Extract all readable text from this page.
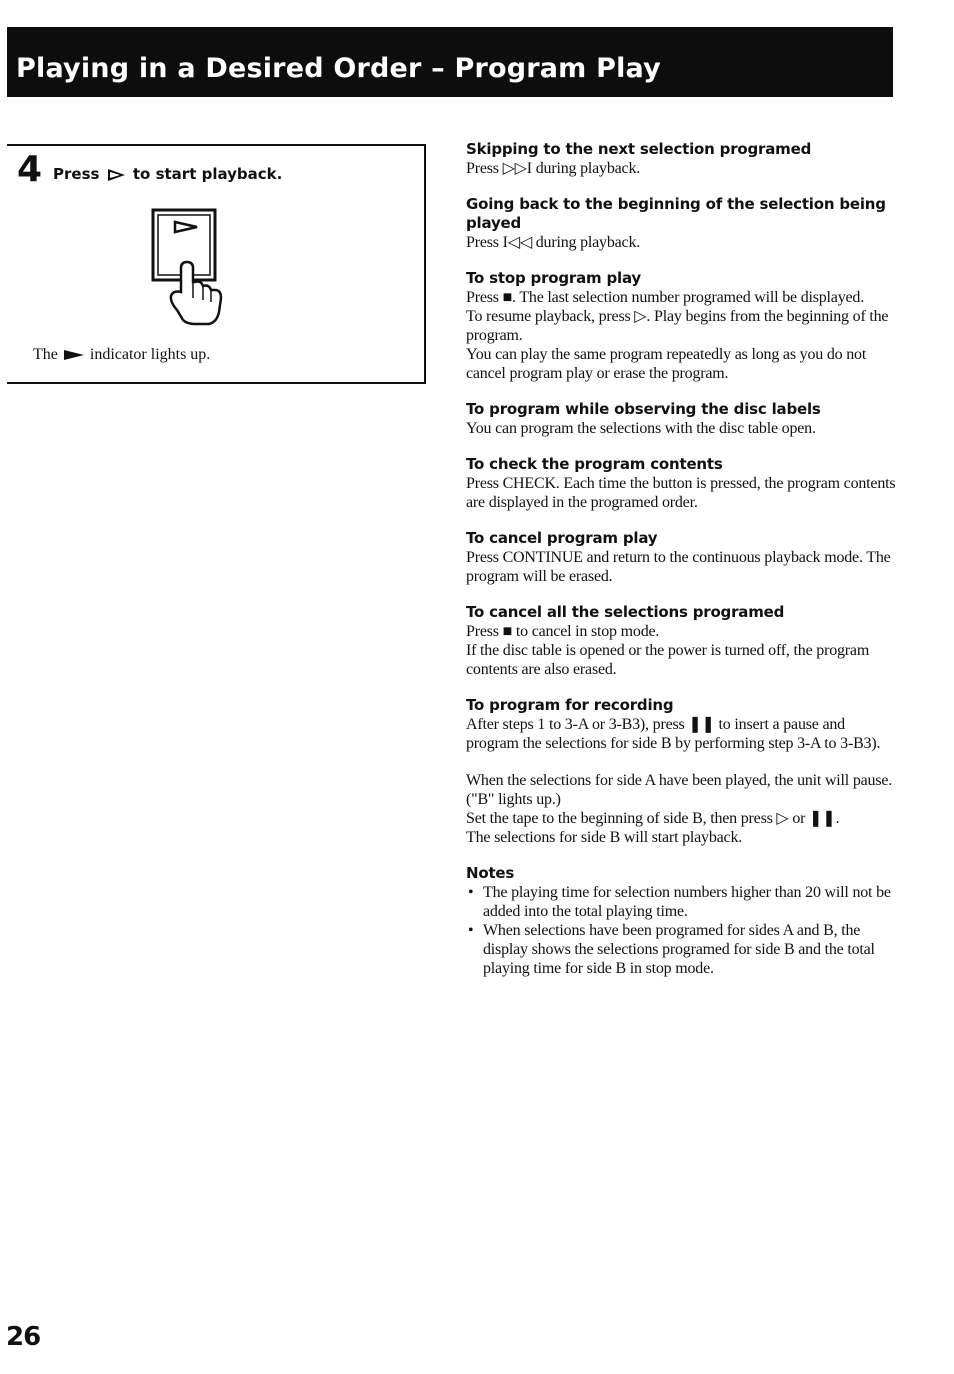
Playing in a Desired Order – Program Play
4 Press to start playback.
The indicator lights up.
Skipping to the next selection programed

Press ▷▷I during playback.

Going back to the beginning of the selection being played

Press I◁◁ during playback.

To stop program play

Press ■. The last selection number programed will be displayed.

To resume playback, press ▷. Play begins from the beginning of the program.

You can play the same program repeatedly as long as you do not cancel program play or erase the program.

To program while observing the disc labels

You can program the selections with the disc table open.

To check the program contents

Press CHECK. Each time the button is pressed, the program contents are displayed in the programed order.

To cancel program play

Press CONTINUE and return to the continuous playback mode. The program will be erased.

To cancel all the selections programed

Press ■ to cancel in stop mode.

If the disc table is opened or the power is turned off, the program contents are also erased.

To program for recording

After steps 1 to 3-A or 3-B3), press ❚❚ to insert a pause and program the selections for side B by performing step 3-A to 3-B3).

When the selections for side A have been played, the unit will pause. ("B" lights up.)

Set the tape to the beginning of side B, then press ▷ or ❚❚.

The selections for side B will start playback.

Notes
• The playing time for selection numbers higher than 20 will not be added into the total playing time.
• When selections have been programed for sides A and B, the display shows the selections programed for side B and the total playing time for side B in stop mode.
26
